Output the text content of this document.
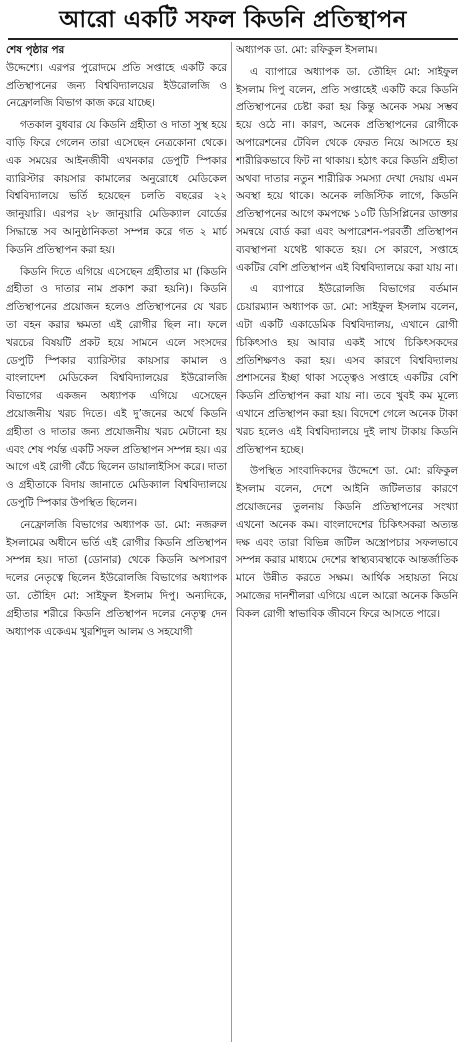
আরো একটি সফল কিডনি প্রতিস্থাপন

শেষ পৃষ্ঠার পর

উদ্দেশ্যে। এরপর পুরোদমে প্রতি সপ্তাহে একটি করে প্রতিস্থাপনের জন্য বিশ্ববিদ্যালয়ের ইউরোলজি ও নেফ্রোলজি বিভাগ কাজ করে যাচ্ছে।

গতকাল বুধবার যে কিডনি গ্রহীতা ও দাতা সুস্থ হয়ে বাড়ি ফিরে গেলেন তারা এসেছেন নেত্রকোনা থেকে। এক সময়ের আইনজীবী এখনকার ডেপুটি স্পিকার ব্যারিস্টার কায়সার কামালের অনুরোধে মেডিকেল বিশ্ববিদ্যালয়ে ভর্তি হয়েছেন চলতি বছরের ২২ জানুয়ারি। এরপর ২৮ জানুয়ারি মেডিক্যাল বোর্ডের সিদ্ধান্তে সব আনুষ্ঠানিকতা সম্পন্ন করে গত ২ মার্চ কিডনি প্রতিস্থাপন করা হয়।

কিডনি দিতে এগিয়ে এসেছেন গ্রহীতার মা (কিডনি গ্রহীতা ও দাতার নাম প্রকাশ করা হয়নি)। কিডনি প্রতিস্থাপনের প্রয়োজন হলেও প্রতিস্থাপনের যে খরচ তা বহন করার ক্ষমতা এই রোগীর ছিল না। ফলে খরচের বিষয়টি প্রকট হয়ে সামনে এলে সংসদের ডেপুটি স্পিকার ব্যারিস্টার কায়সার কামাল ও বাংলাদেশ মেডিকেল বিশ্ববিদ্যালয়ের ইউরোলজি বিভাগের একজন অধ্যাপক এগিয়ে এসেছেন প্রয়োজনীয় খরচ দিতে। এই দু’জনের অর্থে কিডনি গ্রহীতা ও দাতার জন্য প্রযোজনীয় খরচ মেটানো হয় এবং শেষ পর্যন্ত একটি সফল প্রতিস্থাপন সম্পন্ন হয়। এর আগে এই রোগী বেঁচে ছিলেন ডায়ালাইসিস করে। দাতা ও গ্রহীতাকে বিদায় জানাতে মেডিক্যাল বিশ্ববিদ্যালয়ে ডেপুটি স্পিকার উপস্থিত ছিলেন।

নেফ্রোলজি বিভাগের অধ্যাপক ডা. মো: নজরুল ইসলামের অধীনে ভর্তি এই রোগীর কিডনি প্রতিস্থাপন সম্পন্ন হয়। দাতা (ডোনার) থেকে কিডনি অপসারণ দলের নেতৃত্বে ছিলেন ইউরোলজি বিভাগের অধ্যাপক ডা. তৌহিদ মো: সাইফুল ইসলাম দিপু। অন্যদিকে, গ্রহীতার শরীরে কিডনি প্রতিস্থাপন দলের নেতৃত্ব দেন অধ্যাপক একেএম খুরশিদুল আলম ও সহযোগী

অধ্যাপক ডা. মো: রফিকুল ইসলাম।

এ ব্যাপারে অধ্যাপক ডা. তৌহিদ মো: সাইফুল ইসলাম দিপু বলেন, প্রতি সপ্তাহেই একটি করে কিডনি প্রতিস্থাপনের চেষ্টা করা হয় কিন্তু অনেক সময় সম্ভব হয়ে ওঠে না। কারণ, অনেক প্রতিস্থাপনের রোগীকে অপারেশনের টেবিল থেকে ফেরত নিয়ে আসতে হয় শারীরিকভাবে ফিট না থাকায়। হঠাৎ করে কিডনি গ্রহীতা অথবা দাতার নতুন শারীরিক সমস্যা দেখা দেয়ায় এমন অবস্থা হয়ে থাকে। অনেক লজিস্টিক লাগে, কিডনি প্রতিস্থাপনের আগে কমপক্ষে ১০টি ডিসিপ্লিনের ডাক্তার সমন্বয়ে বোর্ড করা এবং অপারেশন-পরবর্তী প্রতিস্থাপন ব্যবস্থাপনা যথেষ্ট থাকতে হয়। সে কারণে, সপ্তাহে একটির বেশি প্রতিস্থাপন এই বিশ্ববিদ্যালয়ে করা যায় না।

এ ব্যাপারে ইউরোলজি বিভাগের বর্তমান চেয়ারম্যান অধ্যাপক ডা. মো: সাইফুল ইসলাম বলেন, এটা একটি একাডেমিক বিশ্ববিদ্যালয়, এখানে রোগী চিকিৎসাও হয় আবার একই সাথে চিকিৎসকদের প্রতিশিক্ষণও করা হয়। এসব কারণে বিশ্ববিদ্যালয় প্রশাসনের ইচ্ছা থাকা সত্ত্বেও সপ্তাহে একটির বেশি কিডনি প্রতিস্থাপন করা যায় না। তবে খুবই কম মূল্যে এখানে প্রতিস্থাপন করা হয়। বিদেশে গেলে অনেক টাকা খরচ হলেও এই বিশ্ববিদ্যালয়ে দুই লাখ টাকায় কিডনি প্রতিস্থাপন হচ্ছে।

উপস্থিত সাংবাদিকদের উদ্দেশে ডা. মো: রফিকুল ইসলাম বলেন, দেশে আইনি জটিলতার কারণে প্রয়োজনের তুলনায় কিডনি প্রতিস্থাপনের সংখ্যা এখনো অনেক কম। বাংলাদেশের চিকিৎসকরা অত্যন্ত দক্ষ এবং তারা বিভিন্ন জটিল অস্ত্রোপচার সফলভাবে সম্পন্ন করার মাধ্যমে দেশের স্বাস্থ্যব্যবস্থাকে আন্তর্জাতিক মানে উন্নীত করতে সক্ষম। আর্থিক সহায়তা নিয়ে সমাজের দানশীলরা এগিয়ে এলে আরো অনেক কিডনি বিকল রোগী স্বাভাবিক জীবনে ফিরে আসতে পারে।
